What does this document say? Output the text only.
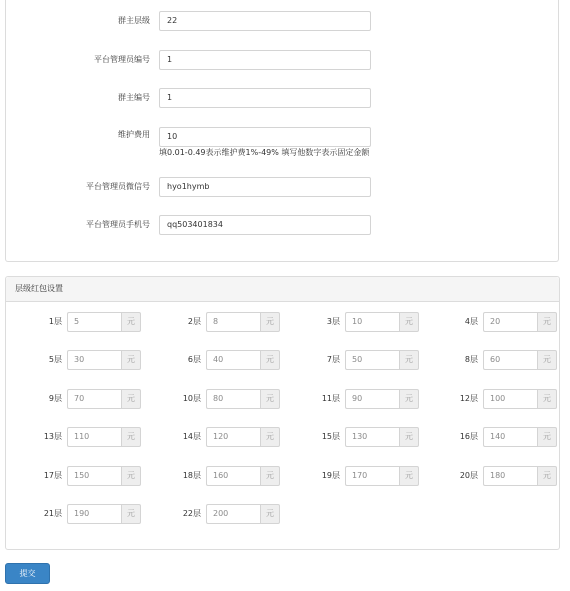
群主层级	22
平台管理员编号	1
群主编号	1
维护费用	10
填0.01-0.49表示维护费1%-49% 填写他数字表示固定金额
平台管理员微信号	hyo1hymb
平台管理员手机号	qq503401834
层级红包设置
1层	5	元	2层	8	元	3层	10	元	4层	20	元
5层	30	元	6层	40	元	7层	50	元	8层	60	元
9层	70	元	10层	80	元	11层	90	元	12层	100	元
13层	110	元	14层	120	元	15层	130	元	16层	140	元
17层	150	元	18层	160	元	19层	170	元	20层	180	元
21层	190	元	22层	200	元
提交
